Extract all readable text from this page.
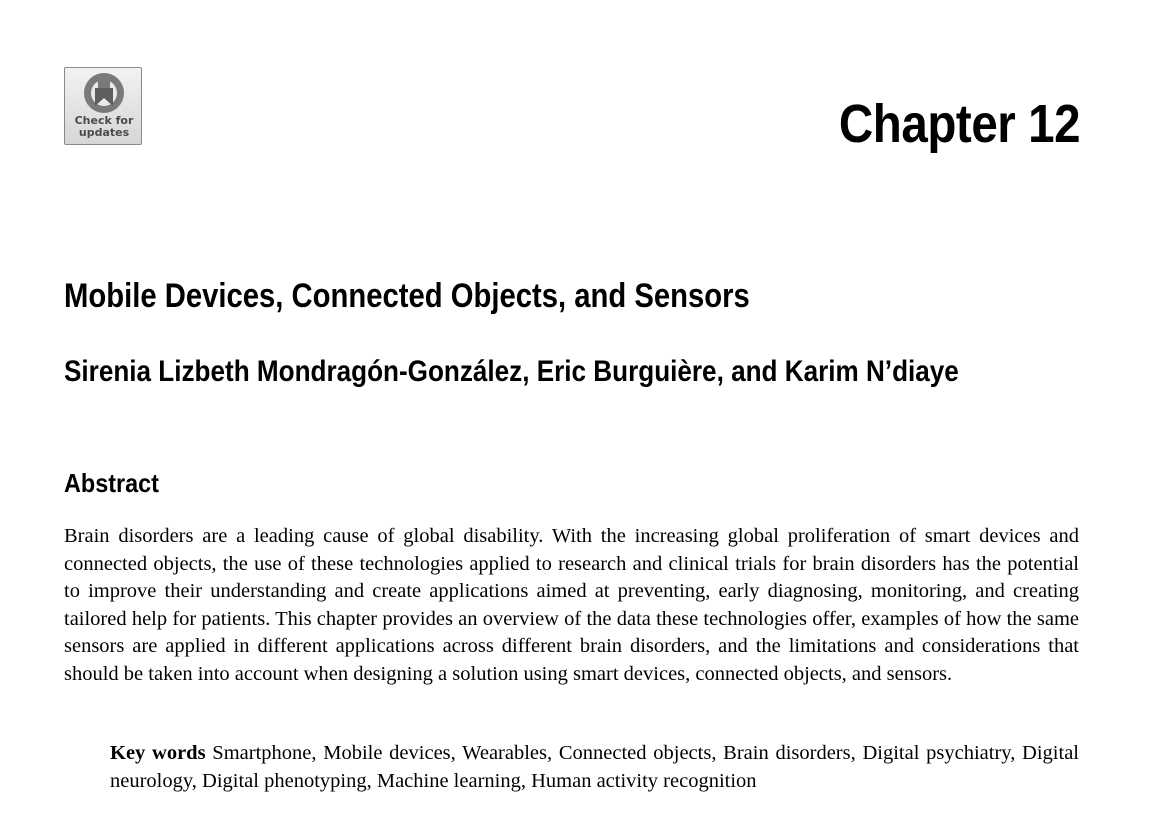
Check for
updates	Chapter 12
Mobile Devices, Connected Objects, and Sensors
Sirenia Lizbeth Mondragón-González, Eric Burguière, and Karim N’diaye
Abstract

Brain disorders are a leading cause of global disability. With the increasing global proliferation of smart devices and connected objects, the use of these technologies applied to research and clinical trials for brain disorders has the potential to improve their understanding and create applications aimed at preventing, early diagnosing, monitoring, and creating tailored help for patients. This chapter provides an overview of the data these technologies offer, examples of how the same sensors are applied in different applications across different brain disorders, and the limitations and considerations that should be taken into account when designing a solution using smart devices, connected objects, and sensors.

Key words Smartphone, Mobile devices, Wearables, Connected objects, Brain disorders, Digital psychiatry, Digital neurology, Digital phenotyping, Machine learning, Human activity recognition
